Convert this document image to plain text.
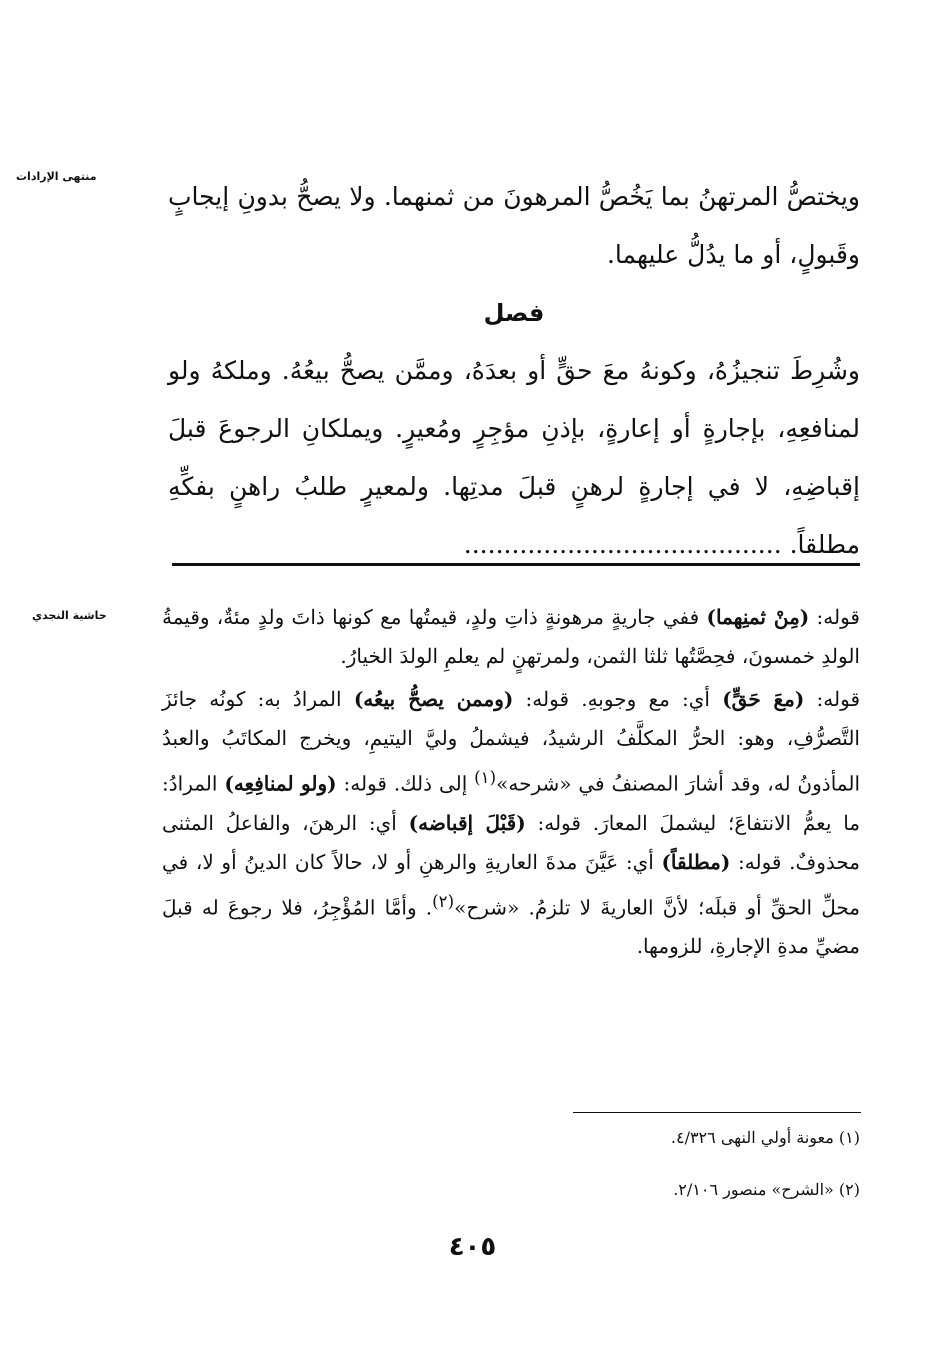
منتهى الإرادات
حاشية النجدي

ويختصُّ المرتهنُ بما يَخُصُّ المرهونَ من ثمنهما. ولا يصحُّ بدونِ إيجابٍ وقَبولٍ، أو ما يدُلُّ عليهما.

فصل

وشُرِطَ تنجيزُهُ، وكونهُ معَ حقٍّ أو بعدَهُ، وممَّن يصحُّ بيعُهُ. وملكهُ ولو لمنافعِهِ، بإجارةٍ أو إعارةٍ، بإذنِ مؤجِرٍ ومُعيرٍ. ويملكانِ الرجوعَ قبلَ إقباضِهِ، لا في إجارةٍ لرهنٍ قبلَ مدتِها. ولمعيرٍ طلبُ راهنٍ بفكِّهِ مطلقاً. ........................................

قوله: (مِنْ ثمنِهما) ففي جاريةٍ مرهونةٍ ذاتِ ولدٍ، قيمتُها مع كونها ذاتَ ولدٍ مئةٌ، وقيمةُ الولدِ خمسونَ، فحِصَّتُها ثلثا الثمن، ولمرتهنٍ لم يعلمِ الولدَ الخيارُ.

قوله: (معَ حَقٍّ) أي: مع وجوبهِ. قوله: (وممن يصحُّ بيعُه) المرادُ به: كونُه جائزَ التَّصرُّفِ، وهو: الحرُّ المكلَّفُ الرشيدُ، فيشملُ وليَّ اليتيمِ، ويخرج المكاتَبُ والعبدُ المأذونُ له، وقد أشارَ المصنفُ في «شرحه»$^{(١)}$ إلى ذلك. قوله: (ولو لمنافِعِه) المرادُ: ما يعمُّ الانتفاعَ؛ ليشملَ المعارَ. قوله: (قَبْلَ إقباضه) أي: الرهنَ، والفاعلُ المثنى محذوفٌ. قوله: (مطلقاً) أي: عَيَّنَ مدةَ العاريةِ والرهنِ أو لا، حالاً كان الدينُ أو لا، في محلِّ الحقِّ أو قبلَه؛ لأنَّ العاريةَ لا تلزمُ. «شرح»$^{(٢)}$. وأمَّا المُؤْجِرُ، فلا رجوعَ له قبلَ مضيِّ مدةِ الإجارةِ، للزومها.

(١) معونة أولي النهى ٤/٣٢٦.
(٢) «الشرح» منصور ٢/١٠٦.
٤٠٥
